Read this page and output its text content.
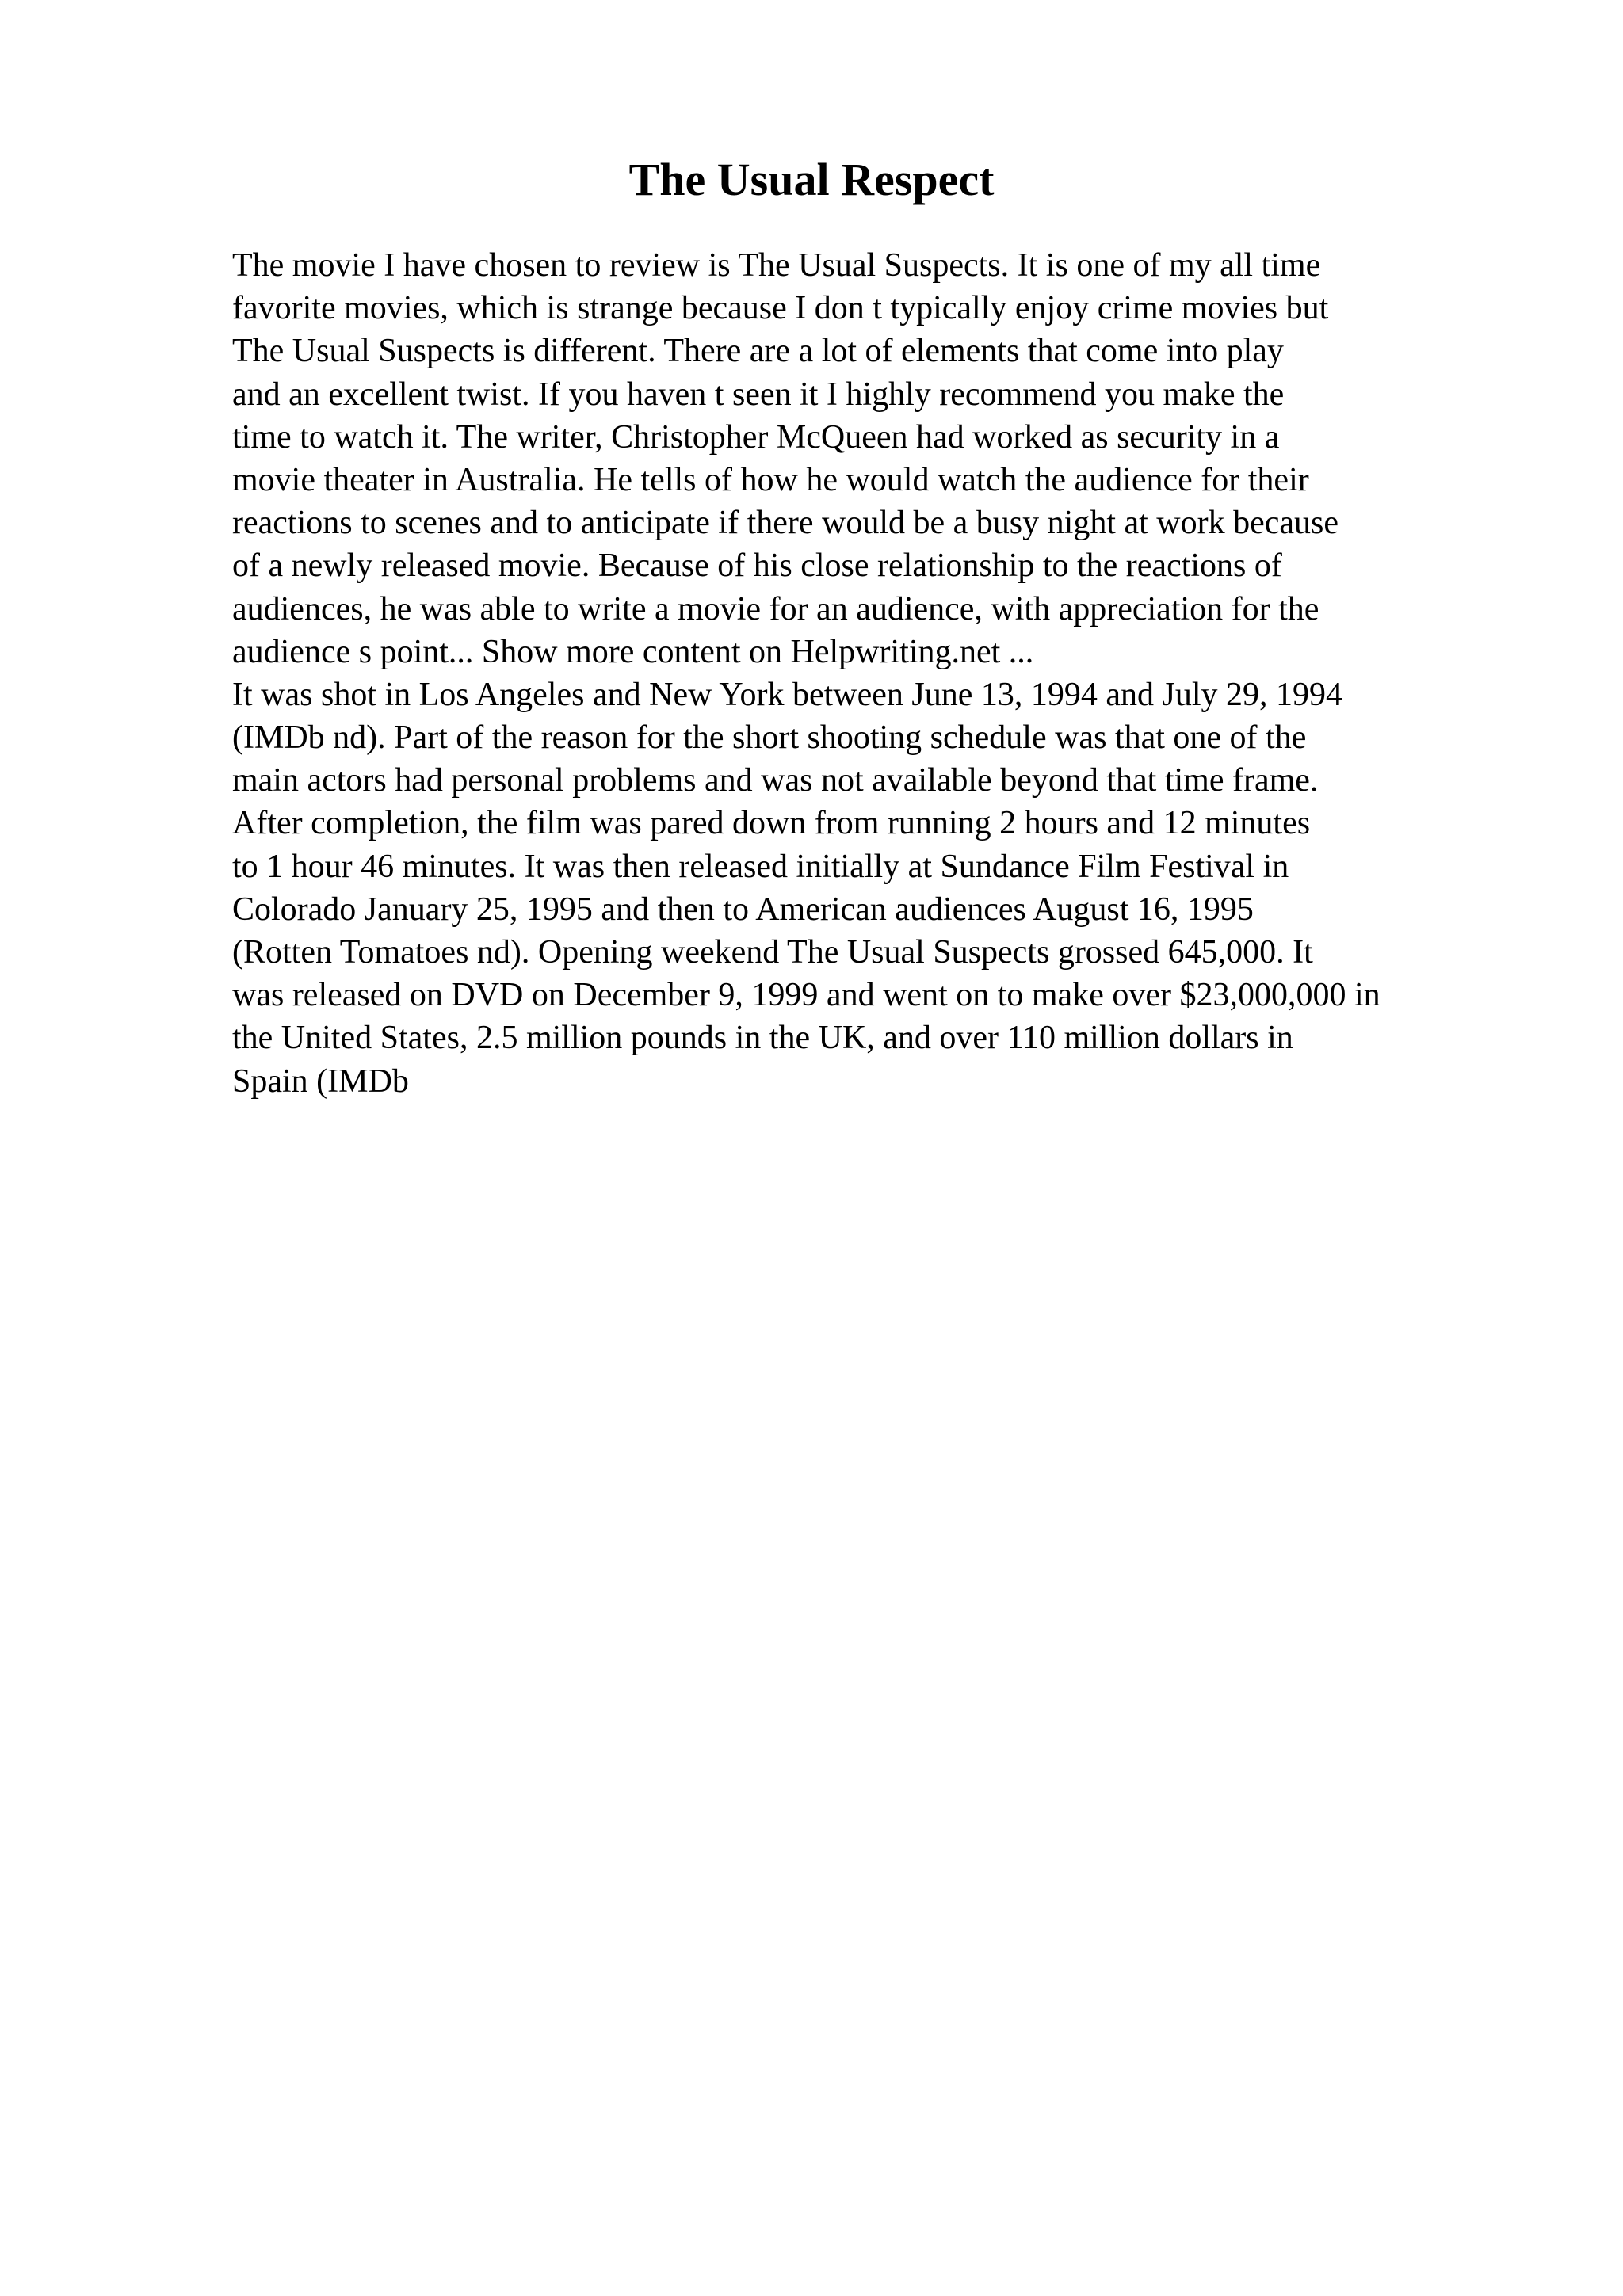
The Usual Respect
The movie I have chosen to review is The Usual Suspects. It is one of my all time
favorite movies, which is strange because I don t typically enjoy crime movies but
The Usual Suspects is different. There are a lot of elements that come into play
and an excellent twist. If you haven t seen it I highly recommend you make the
time to watch it. The writer, Christopher McQueen had worked as security in a
movie theater in Australia. He tells of how he would watch the audience for their
reactions to scenes and to anticipate if there would be a busy night at work because
of a newly released movie. Because of his close relationship to the reactions of
audiences, he was able to write a movie for an audience, with appreciation for the
audience s point... Show more content on Helpwriting.net ...
It was shot in Los Angeles and New York between June 13, 1994 and July 29, 1994
(IMDb nd). Part of the reason for the short shooting schedule was that one of the
main actors had personal problems and was not available beyond that time frame.
After completion, the film was pared down from running 2 hours and 12 minutes
to 1 hour 46 minutes. It was then released initially at Sundance Film Festival in
Colorado January 25, 1995 and then to American audiences August 16, 1995
(Rotten Tomatoes nd). Opening weekend The Usual Suspects grossed 645,000. It
was released on DVD on December 9, 1999 and went on to make over $23,000,000 in
the United States, 2.5 million pounds in the UK, and over 110 million dollars in
Spain (IMDb
